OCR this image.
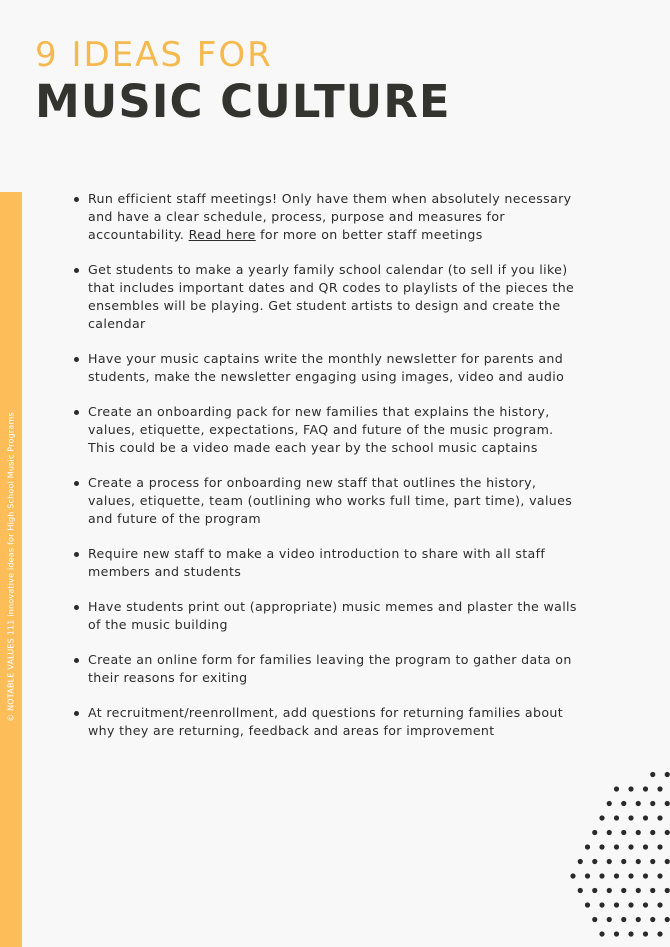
9 IDEAS FOR
MUSIC CULTURE
© NOTABLE VALUES 111 innovative ideas for High School Music Programs
Run efficient staff meetings! Only have them when absolutely necessary and have a clear schedule, process, purpose and measures for accountability. Read here for more on better staff meetings
Get students to make a yearly family school calendar (to sell if you like) that includes important dates and QR codes to playlists of the pieces the ensembles will be playing. Get student artists to design and create the calendar
Have your music captains write the monthly newsletter for parents and students, make the newsletter engaging using images, video and audio
Create an onboarding pack for new families that explains the history, values, etiquette, expectations, FAQ and future of the music program. This could be a video made each year by the school music captains
Create a process for onboarding new staff that outlines the history, values, etiquette, team (outlining who works full time, part time), values and future of the program
Require new staff to make a video introduction to share with all staff members and students
Have students print out (appropriate) music memes and plaster the walls of the music building
Create an online form for families leaving the program to gather data on their reasons for exiting
At recruitment/reenrollment, add questions for returning families about why they are returning, feedback and areas for improvement
